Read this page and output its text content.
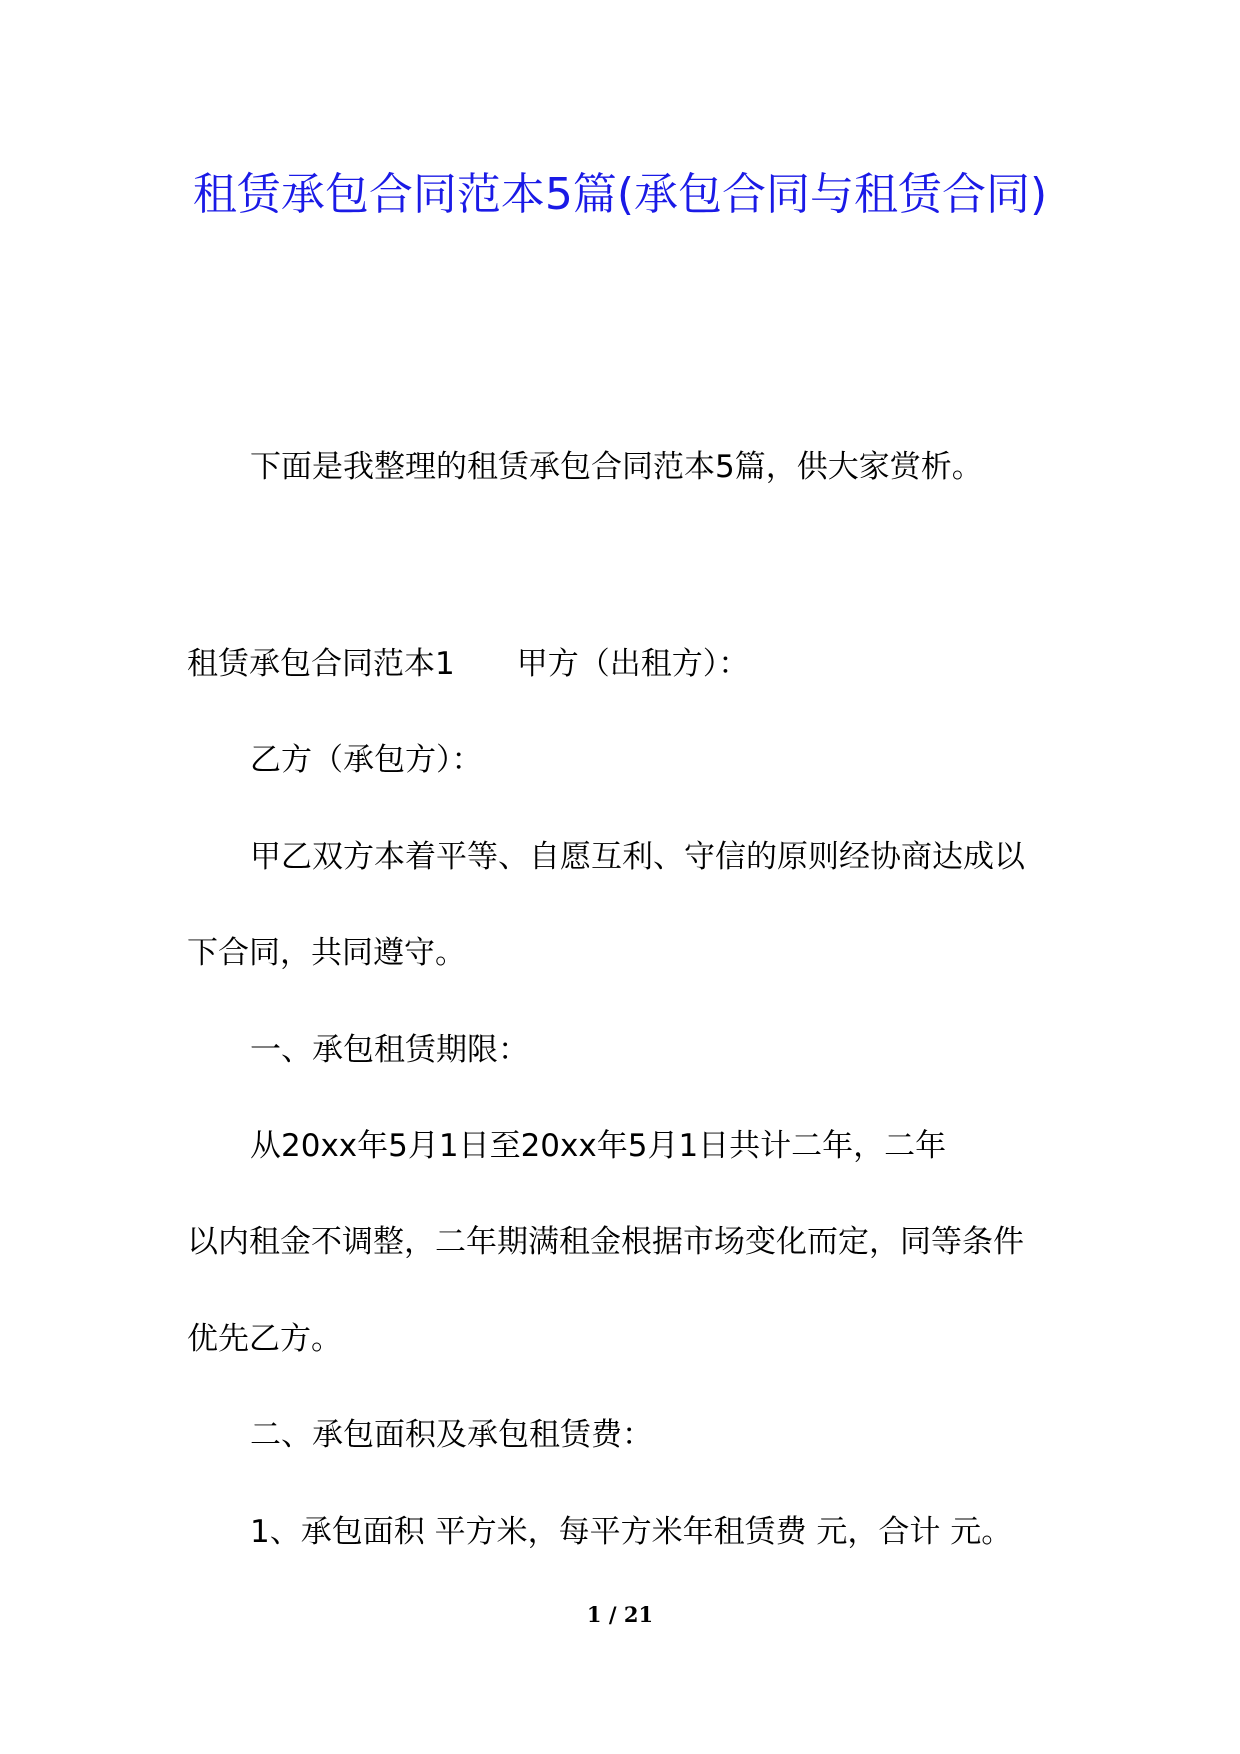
租赁承包合同范本5篇(承包合同与租赁合同)
下面是我整理的租赁承包合同范本5篇，供大家赏析。
租赁承包合同范本1 甲方（出租方）：
乙方（承包方）：
甲乙双方本着平等、自愿互利、守信的原则经协商达成以
下合同，共同遵守。
一、承包租赁期限：
从20xx年5月1日至20xx年5月1日共计二年，二年
以内租金不调整，二年期满租金根据市场变化而定，同等条件
优先乙方。
二、承包面积及承包租赁费：
1、承包面积 平方米，每平方米年租赁费 元，合计 元。
1 / 21
